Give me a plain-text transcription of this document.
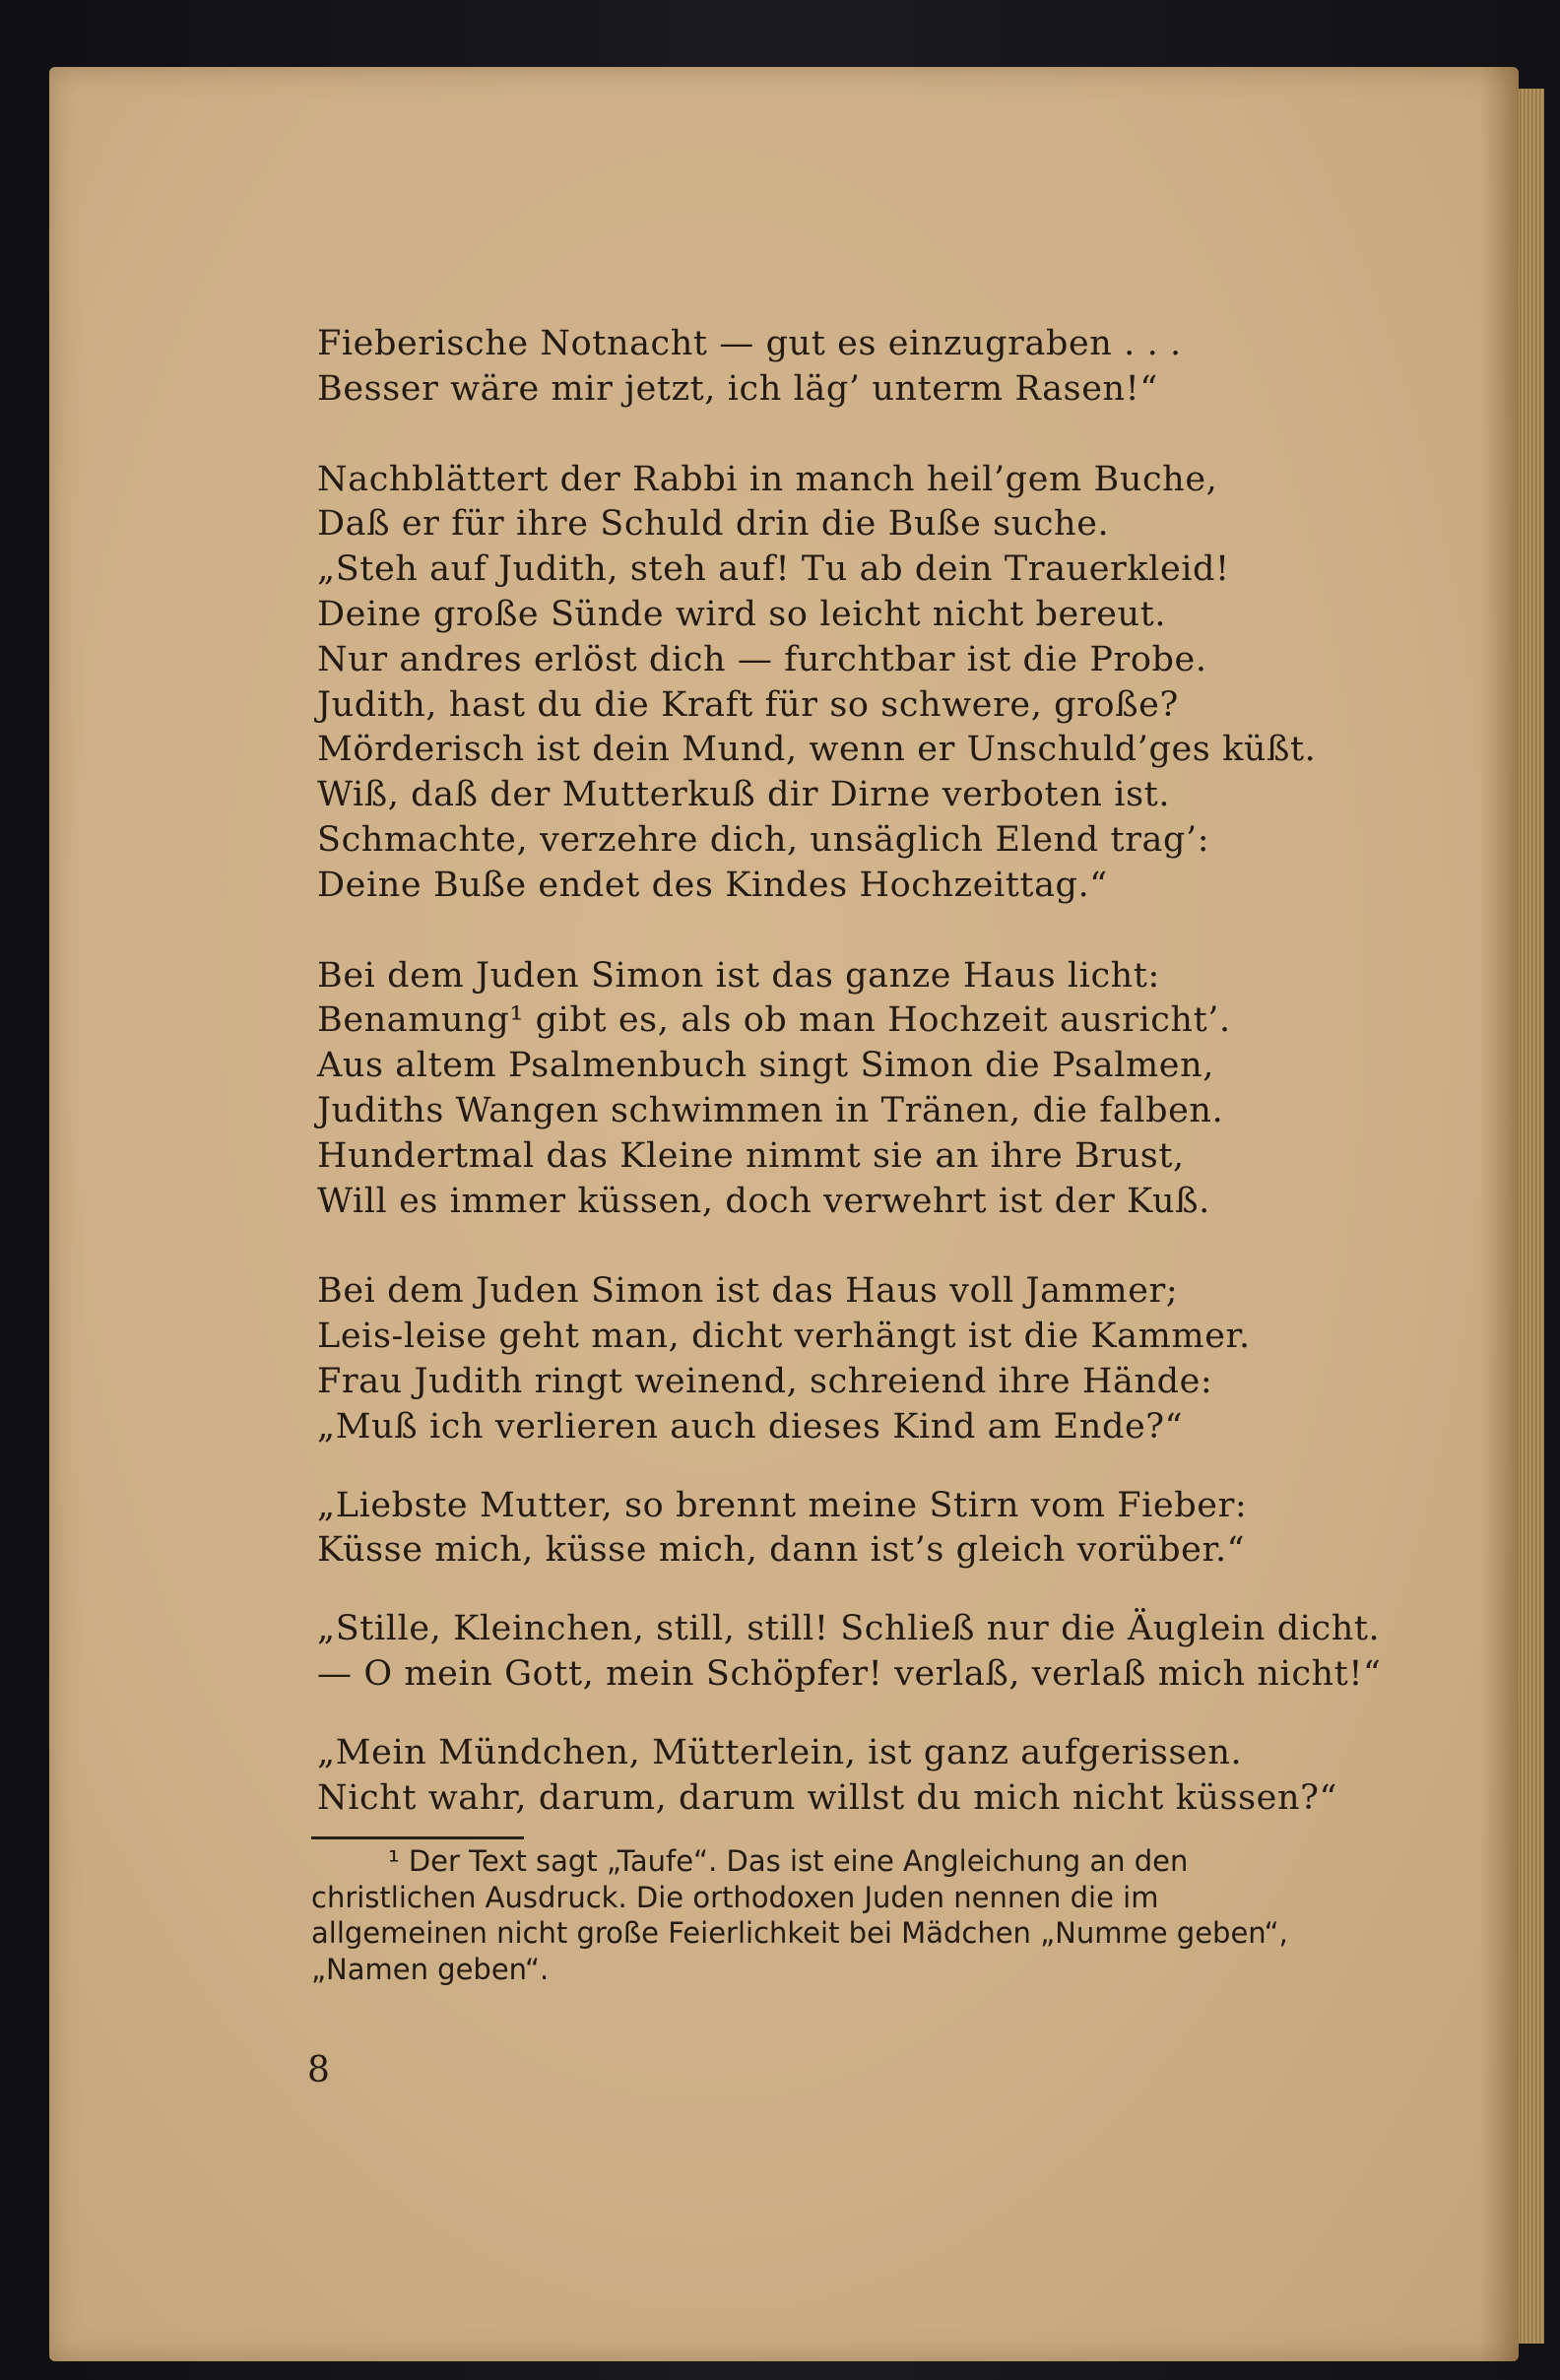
Fieberische Notnacht — gut es einzugraben . . .
Besser wäre mir jetzt, ich läg’ unterm Rasen!“
Nachblättert der Rabbi in manch heil’gem Buche,
Daß er für ihre Schuld drin die Buße suche.
„Steh auf Judith, steh auf! Tu ab dein Trauerkleid!
Deine große Sünde wird so leicht nicht bereut.
Nur andres erlöst dich — furchtbar ist die Probe.
Judith, hast du die Kraft für so schwere, große?
Mörderisch ist dein Mund, wenn er Unschuld’ges küßt.
Wiß, daß der Mutterkuß dir Dirne verboten ist.
Schmachte, verzehre dich, unsäglich Elend trag’:
Deine Buße endet des Kindes Hochzeittag.“
Bei dem Juden Simon ist das ganze Haus licht:
Benamung¹ gibt es, als ob man Hochzeit ausricht’.
Aus altem Psalmenbuch singt Simon die Psalmen,
Judiths Wangen schwimmen in Tränen, die falben.
Hundertmal das Kleine nimmt sie an ihre Brust,
Will es immer küssen, doch verwehrt ist der Kuß.
Bei dem Juden Simon ist das Haus voll Jammer;
Leis-leise geht man, dicht verhängt ist die Kammer.
Frau Judith ringt weinend, schreiend ihre Hände:
„Muß ich verlieren auch dieses Kind am Ende?“
„Liebste Mutter, so brennt meine Stirn vom Fieber:
Küsse mich, küsse mich, dann ist’s gleich vorüber.“
„Stille, Kleinchen, still, still! Schließ nur die Äuglein dicht.
— O mein Gott, mein Schöpfer! verlaß, verlaß mich nicht!“
„Mein Mündchen, Mütterlein, ist ganz aufgerissen.
Nicht wahr, darum, darum willst du mich nicht küssen?“
¹ Der Text sagt „Taufe“. Das ist eine Angleichung an den
christlichen Ausdruck. Die orthodoxen Juden nennen die im
allgemeinen nicht große Feierlichkeit bei Mädchen „Numme geben“,
„Namen geben“.
8
